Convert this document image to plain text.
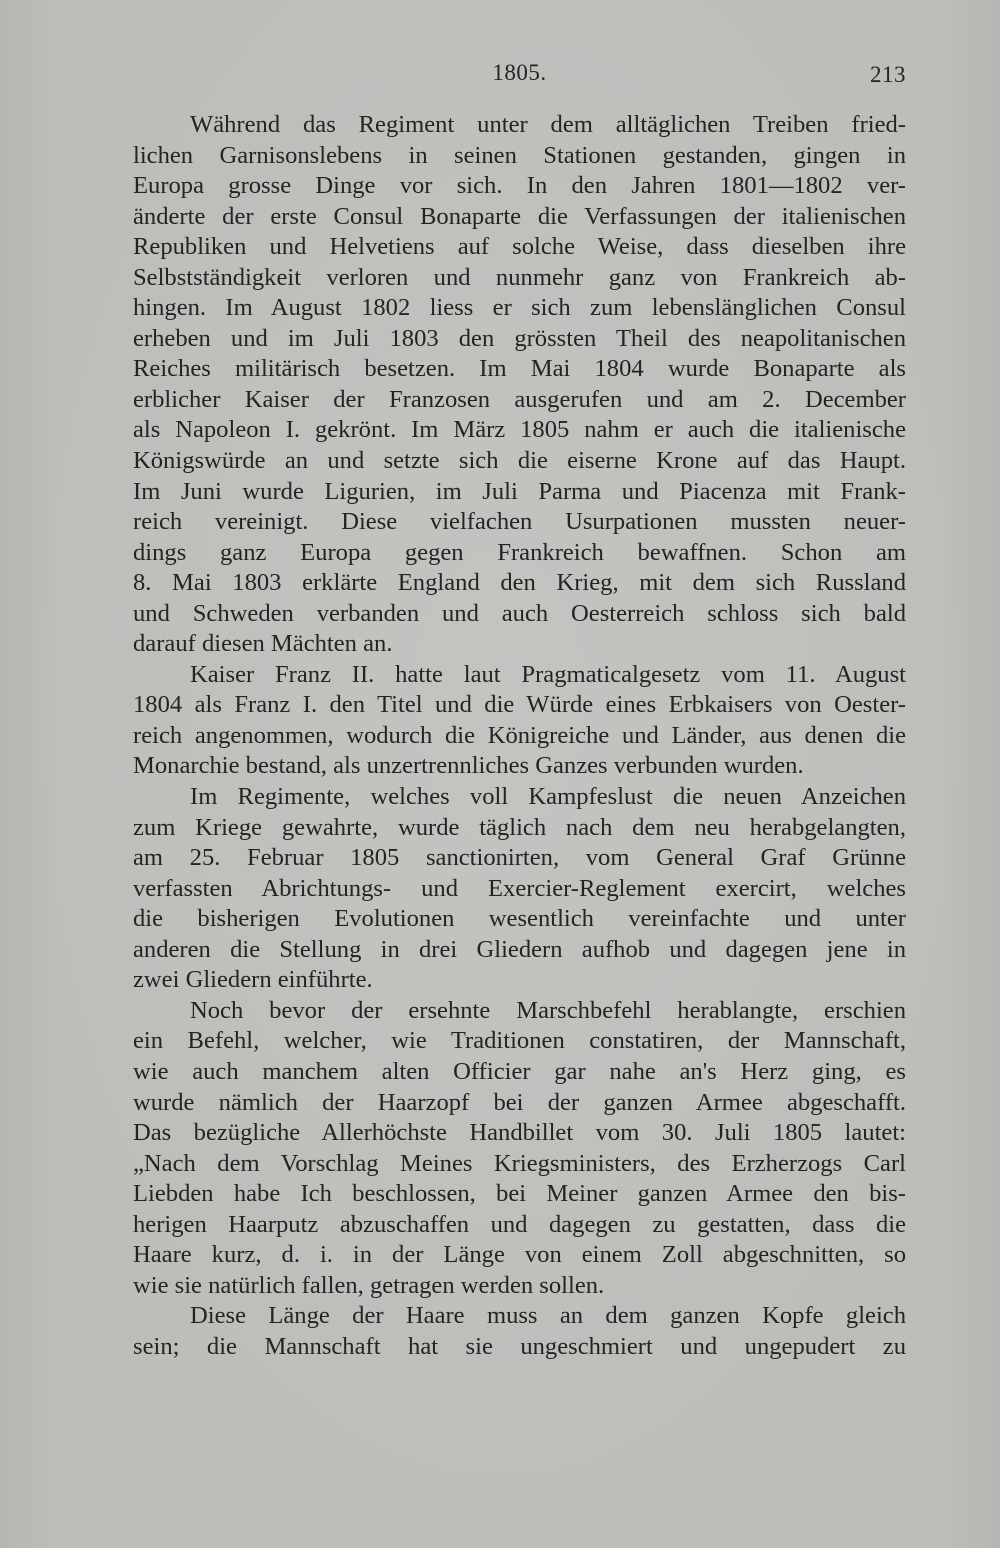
1805.	213
Während das Regiment unter dem alltäglichen Treiben fried-
lichen Garnisonslebens in seinen Stationen gestanden, gingen in
Europa grosse Dinge vor sich. In den Jahren 1801—1802 ver-
änderte der erste Consul Bonaparte die Verfassungen der italienischen
Republiken und Helvetiens auf solche Weise, dass dieselben ihre
Selbstständigkeit verloren und nunmehr ganz von Frankreich ab-
hingen. Im August 1802 liess er sich zum lebenslänglichen Consul
erheben und im Juli 1803 den grössten Theil des neapolitanischen
Reiches militärisch besetzen. Im Mai 1804 wurde Bonaparte als
erblicher Kaiser der Franzosen ausgerufen und am 2. December
als Napoleon I. gekrönt. Im März 1805 nahm er auch die italienische
Königswürde an und setzte sich die eiserne Krone auf das Haupt.
Im Juni wurde Ligurien, im Juli Parma und Piacenza mit Frank-
reich vereinigt. Diese vielfachen Usurpationen mussten neuer-
dings ganz Europa gegen Frankreich bewaffnen. Schon am
8. Mai 1803 erklärte England den Krieg, mit dem sich Russland
und Schweden verbanden und auch Oesterreich schloss sich bald
darauf diesen Mächten an.
Kaiser Franz II. hatte laut Pragmaticalgesetz vom 11. August
1804 als Franz I. den Titel und die Würde eines Erbkaisers von Oester-
reich angenommen, wodurch die Königreiche und Länder, aus denen die
Monarchie bestand, als unzertrennliches Ganzes verbunden wurden.
Im Regimente, welches voll Kampfeslust die neuen Anzeichen
zum Kriege gewahrte, wurde täglich nach dem neu herabgelangten,
am 25. Februar 1805 sanctionirten, vom General Graf Grünne
verfassten Abrichtungs- und Exercier-Reglement exercirt, welches
die bisherigen Evolutionen wesentlich vereinfachte und unter
anderen die Stellung in drei Gliedern aufhob und dagegen jene in
zwei Gliedern einführte.
Noch bevor der ersehnte Marschbefehl herablangte, erschien
ein Befehl, welcher, wie Traditionen constatiren, der Mannschaft,
wie auch manchem alten Officier gar nahe an's Herz ging, es
wurde nämlich der Haarzopf bei der ganzen Armee abgeschafft.
Das bezügliche Allerhöchste Handbillet vom 30. Juli 1805 lautet:
„Nach dem Vorschlag Meines Kriegsministers, des Erzherzogs Carl
Liebden habe Ich beschlossen, bei Meiner ganzen Armee den bis-
herigen Haarputz abzuschaffen und dagegen zu gestatten, dass die
Haare kurz, d. i. in der Länge von einem Zoll abgeschnitten, so
wie sie natürlich fallen, getragen werden sollen.
Diese Länge der Haare muss an dem ganzen Kopfe gleich
sein; die Mannschaft hat sie ungeschmiert und ungepudert zu
